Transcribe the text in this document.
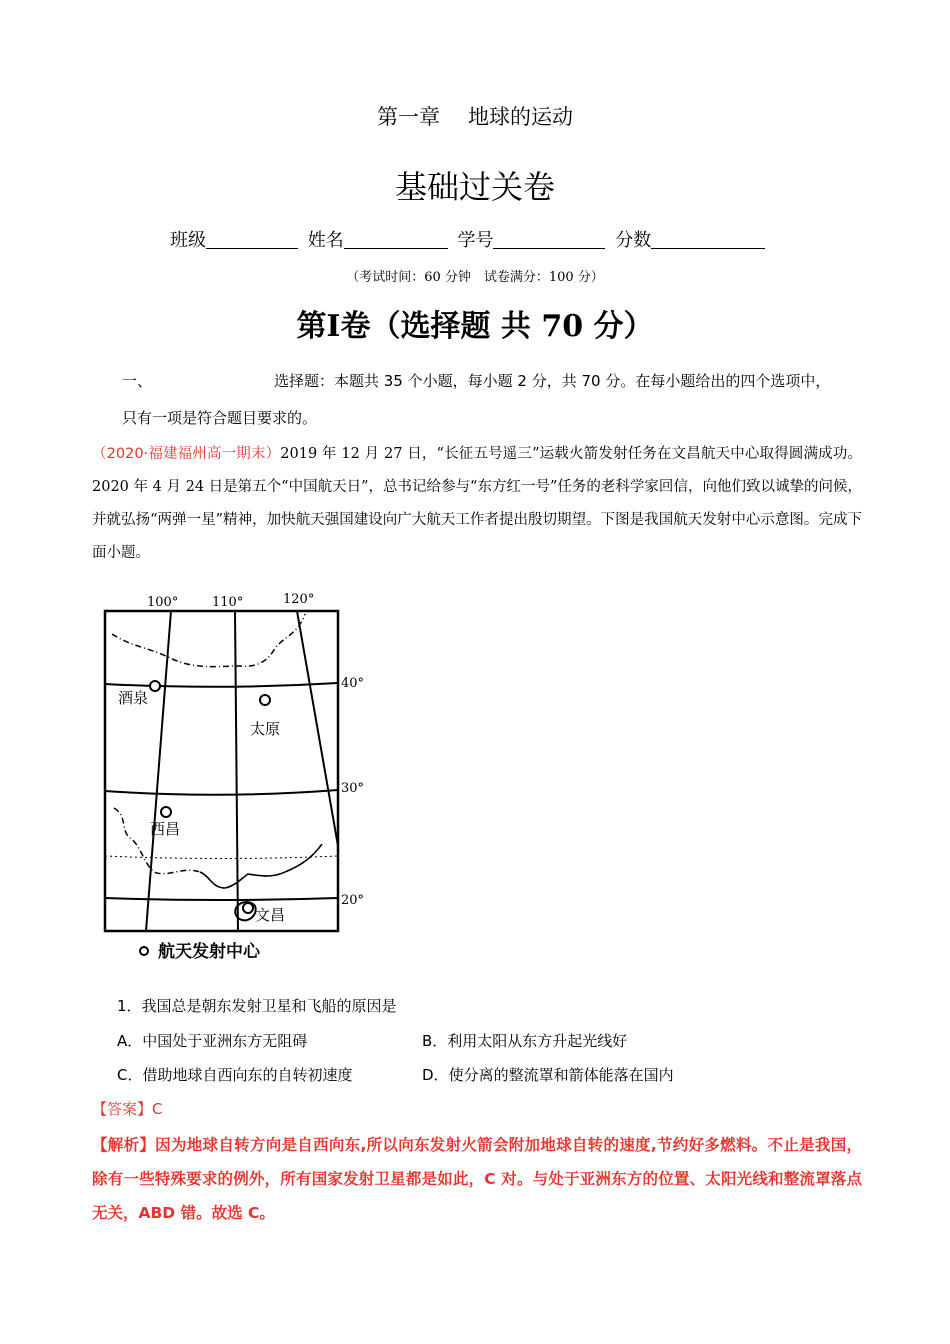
第一章 地球的运动
基础过关卷
班级	姓名	学号	分数
（考试时间：60 分钟　试卷满分：100 分）
第I卷（选择题 共 70 分）
一、	选择题：本题共 35 个小题，每小题 2 分，共 70 分。在每小题给出的四个选项中，
只有一项是符合题目要求的。
（2020·福建福州高一期末）2019 年 12 月 27 日，“长征五号遥三”运载火箭发射任务在文昌航天中心取得圆满成功。2020 年 4 月 24 日是第五个“中国航天日”，总书记给参与“东方红一号”任务的老科学家回信，向他们致以诚挚的问候，并就弘扬“两弹一星”精神，加快航天强国建设向广大航天工作者提出殷切期望。下图是我国航天发射中心示意图。完成下面小题。
100°	110°	120°
40°
30°
20°
酒泉
太原
西昌
文昌
航天发射中心
1．我国总是朝东发射卫星和飞船的原因是
A．中国处于亚洲东方无阻碍	B．利用太阳从东方升起光线好
C．借助地球自西向东的自转初速度	D．使分离的整流罩和箭体能落在国内
【答案】C
【解析】因为地球自转方向是自西向东,所以向东发射火箭会附加地球自转的速度,节约好多燃料。不止是我国，除有一些特殊要求的例外，所有国家发射卫星都是如此，C 对。与处于亚洲东方的位置、太阳光线和整流罩落点无关，ABD 错。故选 C。
